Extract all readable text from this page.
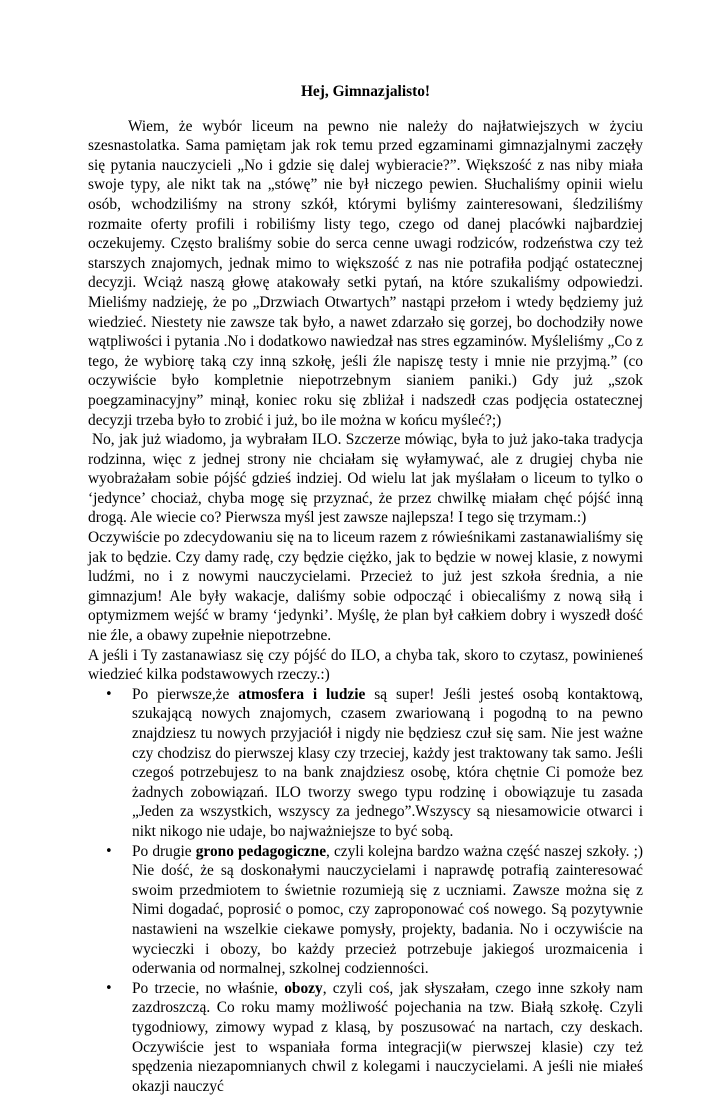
Hej, Gimnazjalisto!

Wiem, że wybór liceum na pewno nie należy do najłatwiejszych w życiu szesnastolatka. Sama pamiętam jak rok temu przed egzaminami gimnazjalnymi zaczęły się pytania nauczycieli „No i gdzie się dalej wybieracie?”. Większość z nas niby miała swoje typy, ale nikt tak na „stówę” nie był niczego pewien. Słuchaliśmy opinii wielu osób, wchodziliśmy na strony szkół, którymi byliśmy zainteresowani, śledziliśmy rozmaite oferty profili i robiliśmy listy tego, czego od danej placówki najbardziej oczekujemy. Często braliśmy sobie do serca cenne uwagi rodziców, rodzeństwa czy też starszych znajomych, jednak mimo to większość z nas nie potrafiła podjąć ostatecznej decyzji. Wciąż naszą głowę atakowały setki pytań, na które szukaliśmy odpowiedzi. Mieliśmy nadzieję, że po „Drzwiach Otwartych” nastąpi przełom i wtedy będziemy już wiedzieć. Niestety nie zawsze tak było, a nawet zdarzało się gorzej, bo dochodziły nowe wątpliwości i pytania .No i dodatkowo nawiedzał nas stres egzaminów. Myśleliśmy „Co z tego, że wybiorę taką czy inną szkołę, jeśli źle napiszę testy i mnie nie przyjmą.” (co oczywiście było kompletnie niepotrzebnym sianiem paniki.) Gdy już „szok poegzaminacyjny” minął, koniec roku się zbliżał i nadszedł czas podjęcia ostatecznej decyzji trzeba było to zrobić i już, bo ile można w końcu myśleć?;)

No, jak już wiadomo, ja wybrałam ILO. Szczerze mówiąc, była to już jako-taka tradycja rodzinna, więc z jednej strony nie chciałam się wyłamywać, ale z drugiej chyba nie wyobrażałam sobie pójść gdzieś indziej. Od wielu lat jak myślałam o liceum to tylko o ‘jedynce’ chociaż, chyba mogę się przyznać, że przez chwilkę miałam chęć pójść inną drogą. Ale wiecie co? Pierwsza myśl jest zawsze najlepsza! I tego się trzymam.:)

Oczywiście po zdecydowaniu się na to liceum razem z rówieśnikami zastanawialiśmy się jak to będzie. Czy damy radę, czy będzie ciężko, jak to będzie w nowej klasie, z nowymi ludźmi, no i z nowymi nauczycielami. Przecież to już jest szkoła średnia, a nie gimnazjum! Ale były wakacje, daliśmy sobie odpocząć i obiecaliśmy z nową siłą i optymizmem wejść w bramy ‘jedynki’. Myślę, że plan był całkiem dobry i wyszedł dość nie źle, a obawy zupełnie niepotrzebne.

A jeśli i Ty zastanawiasz się czy pójść do ILO, a chyba tak, skoro to czytasz, powinieneś wiedzieć kilka podstawowych rzeczy.:)

• Po pierwsze,że atmosfera i ludzie są super! Jeśli jesteś osobą kontaktową, szukającą nowych znajomych, czasem zwariowaną i pogodną to na pewno znajdziesz tu nowych przyjaciół i nigdy nie będziesz czuł się sam. Nie jest ważne czy chodzisz do pierwszej klasy czy trzeciej, każdy jest traktowany tak samo. Jeśli czegoś potrzebujesz to na bank znajdziesz osobę, która chętnie Ci pomoże bez żadnych zobowiązań. ILO tworzy swego typu rodzinę i obowiązuje tu zasada „Jeden za wszystkich, wszyscy za jednego”.Wszyscy są niesamowicie otwarci i nikt nikogo nie udaje, bo najważniejsze to być sobą.
• Po drugie grono pedagogiczne, czyli kolejna bardzo ważna część naszej szkoły. ;) Nie dość, że są doskonałymi nauczycielami i naprawdę potrafią zainteresować swoim przedmiotem to świetnie rozumieją się z uczniami. Zawsze można się z Nimi dogadać, poprosić o pomoc, czy zaproponować coś nowego. Są pozytywnie nastawieni na wszelkie ciekawe pomysły, projekty, badania. No i oczywiście na wycieczki i obozy, bo każdy przecież potrzebuje jakiegoś urozmaicenia i oderwania od normalnej, szkolnej codzienności.
• Po trzecie, no właśnie, obozy, czyli coś, jak słyszałam, czego inne szkoły nam zazdroszczą. Co roku mamy możliwość pojechania na tzw. Białą szkołę. Czyli tygodniowy, zimowy wypad z klasą, by poszusować na nartach, czy deskach. Oczywiście jest to wspaniała forma integracji(w pierwszej klasie) czy też spędzenia niezapomnianych chwil z kolegami i nauczycielami. A jeśli nie miałeś okazji nauczyć
